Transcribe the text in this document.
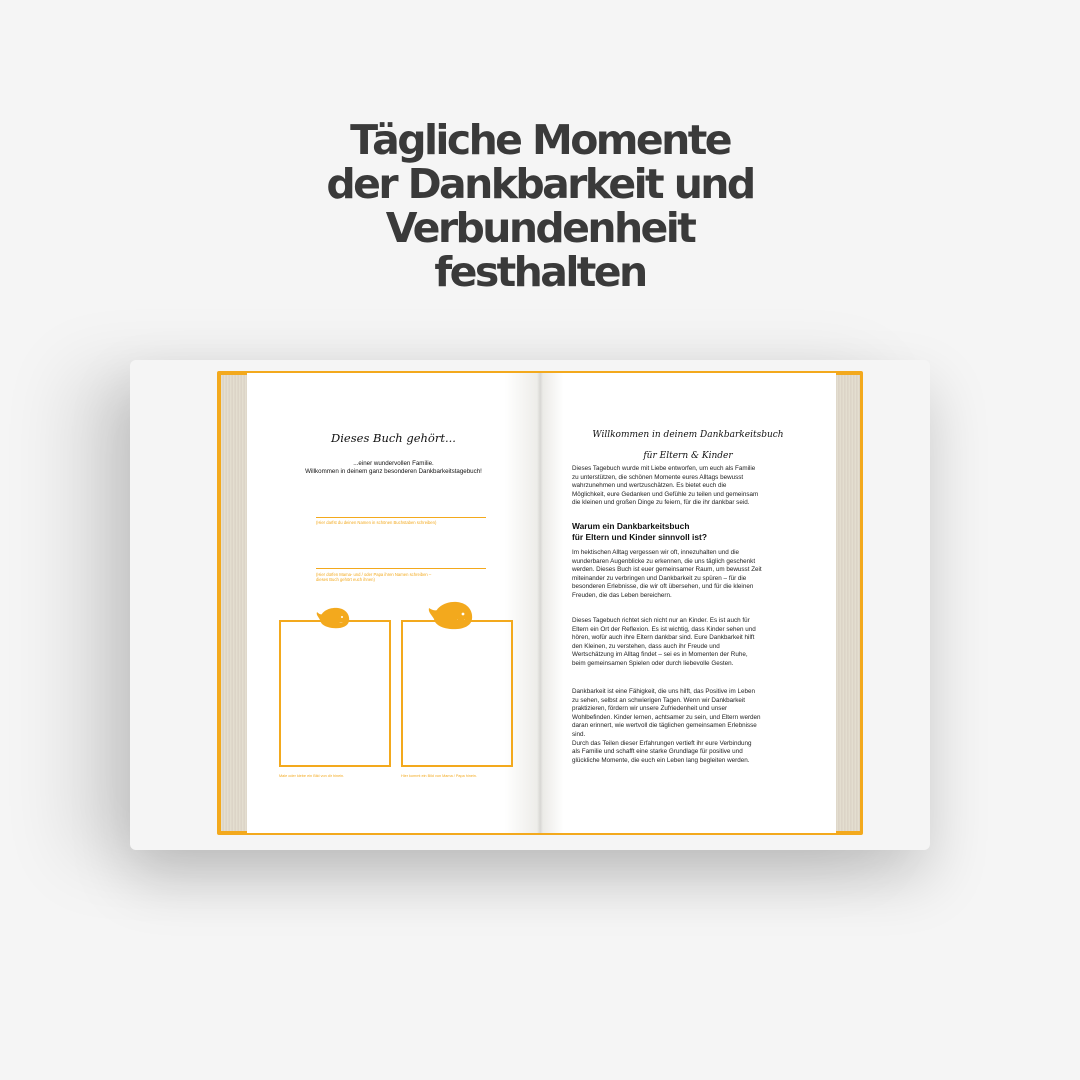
Tägliche Momente
der Dankbarkeit und
Verbundenheit
festhalten
Dieses Buch gehört...
...einer wundervollen Familie.
Willkommen in deinem ganz besonderen Dankbarkeitstagebuch!
(Hier darfst du deinen Namen in schönen Buchstaben schreiben)
(Hier dürfen Mama- und / oder Papa ihren Namen schreiben –
dieses Buch gehört euch ihnen)
Male oder klebe ein Bild von dir hinein.	Hier kommt ein Bild von Mama / Papa hinein.
Willkommen in deinem Dankbarkeitsbuch
für Eltern & Kinder
Dieses Tagebuch wurde mit Liebe entworfen, um euch als Familie
zu unterstützen, die schönen Momente eures Alltags bewusst
wahrzunehmen und wertzuschätzen. Es bietet euch die
Möglichkeit, eure Gedanken und Gefühle zu teilen und gemeinsam
die kleinen und großen Dinge zu feiern, für die ihr dankbar seid.
Warum ein Dankbarkeitsbuch
für Eltern und Kinder sinnvoll ist?
Im hektischen Alltag vergessen wir oft, innezuhalten und die
wunderbaren Augenblicke zu erkennen, die uns täglich geschenkt
werden. Dieses Buch ist euer gemeinsamer Raum, um bewusst Zeit
miteinander zu verbringen und Dankbarkeit zu spüren – für die
besonderen Erlebnisse, die wir oft übersehen, und für die kleinen
Freuden, die das Leben bereichern.
Dieses Tagebuch richtet sich nicht nur an Kinder. Es ist auch für
Eltern ein Ort der Reflexion. Es ist wichtig, dass Kinder sehen und
hören, wofür auch ihre Eltern dankbar sind. Eure Dankbarkeit hilft
den Kleinen, zu verstehen, dass auch ihr Freude und
Wertschätzung im Alltag findet – sei es in Momenten der Ruhe,
beim gemeinsamen Spielen oder durch liebevolle Gesten.
Dankbarkeit ist eine Fähigkeit, die uns hilft, das Positive im Leben
zu sehen, selbst an schwierigen Tagen. Wenn wir Dankbarkeit
praktizieren, fördern wir unsere Zufriedenheit und unser
Wohlbefinden. Kinder lernen, achtsamer zu sein, und Eltern werden
daran erinnert, wie wertvoll die täglichen gemeinsamen Erlebnisse
sind.
Durch das Teilen dieser Erfahrungen vertieft ihr eure Verbindung
als Familie und schafft eine starke Grundlage für positive und
glückliche Momente, die euch ein Leben lang begleiten werden.
